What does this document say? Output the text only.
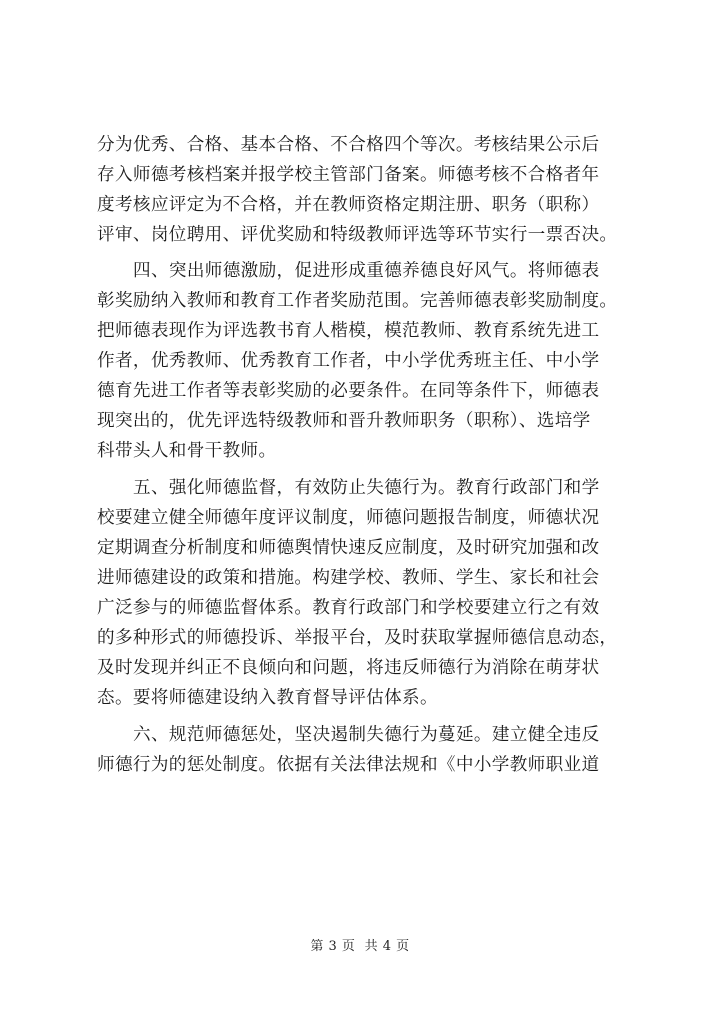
分为优秀、合格、基本合格、不合格四个等次。考核结果公示后
存入师德考核档案并报学校主管部门备案。师德考核不合格者年
度考核应评定为不合格，并在教师资格定期注册、职务（职称）
评审、岗位聘用、评优奖励和特级教师评选等环节实行一票否决。
四、突出师德激励，促进形成重德养德良好风气。将师德表
彰奖励纳入教师和教育工作者奖励范围。完善师德表彰奖励制度。
把师德表现作为评选教书育人楷模，模范教师、教育系统先进工
作者，优秀教师、优秀教育工作者，中小学优秀班主任、中小学
德育先进工作者等表彰奖励的必要条件。在同等条件下，师德表
现突出的，优先评选特级教师和晋升教师职务（职称）、选培学
科带头人和骨干教师。
五、强化师德监督，有效防止失德行为。教育行政部门和学
校要建立健全师德年度评议制度，师德问题报告制度，师德状况
定期调查分析制度和师德舆情快速反应制度，及时研究加强和改
进师德建设的政策和措施。构建学校、教师、学生、家长和社会
广泛参与的师德监督体系。教育行政部门和学校要建立行之有效
的多种形式的师德投诉、举报平台，及时获取掌握师德信息动态，
及时发现并纠正不良倾向和问题，将违反师德行为消除在萌芽状
态。要将师德建设纳入教育督导评估体系。
六、规范师德惩处，坚决遏制失德行为蔓延。建立健全违反
师德行为的惩处制度。依据有关法律法规和《中小学教师职业道
第 3 页  共 4 页
